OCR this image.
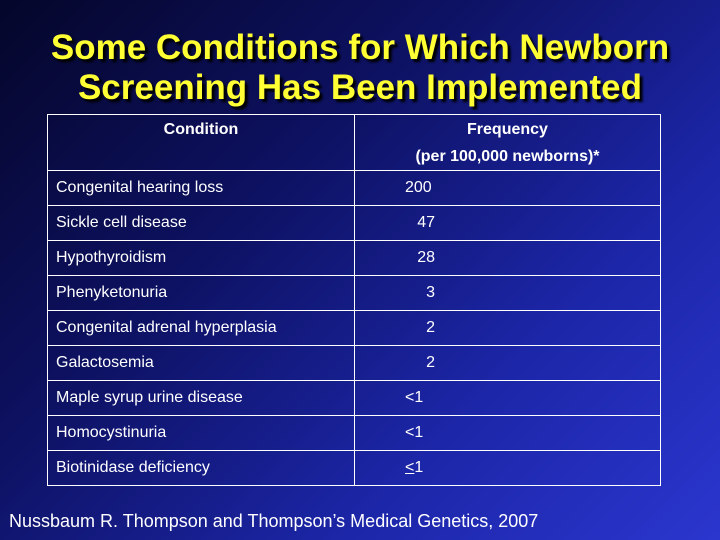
Some Conditions for Which Newborn
Screening Has Been Implemented
Condition	Frequency
(per 100,000 newborns)*
Congenital hearing loss	200
Sickle cell disease	47
Hypothyroidism	28
Phenyketonuria	3
Congenital adrenal hyperplasia	2
Galactosemia	2
Maple syrup urine disease	<1
Homocystinuria	<1
Biotinidase deficiency	≤1

Nussbaum R. Thompson and Thompson’s Medical Genetics, 2007
